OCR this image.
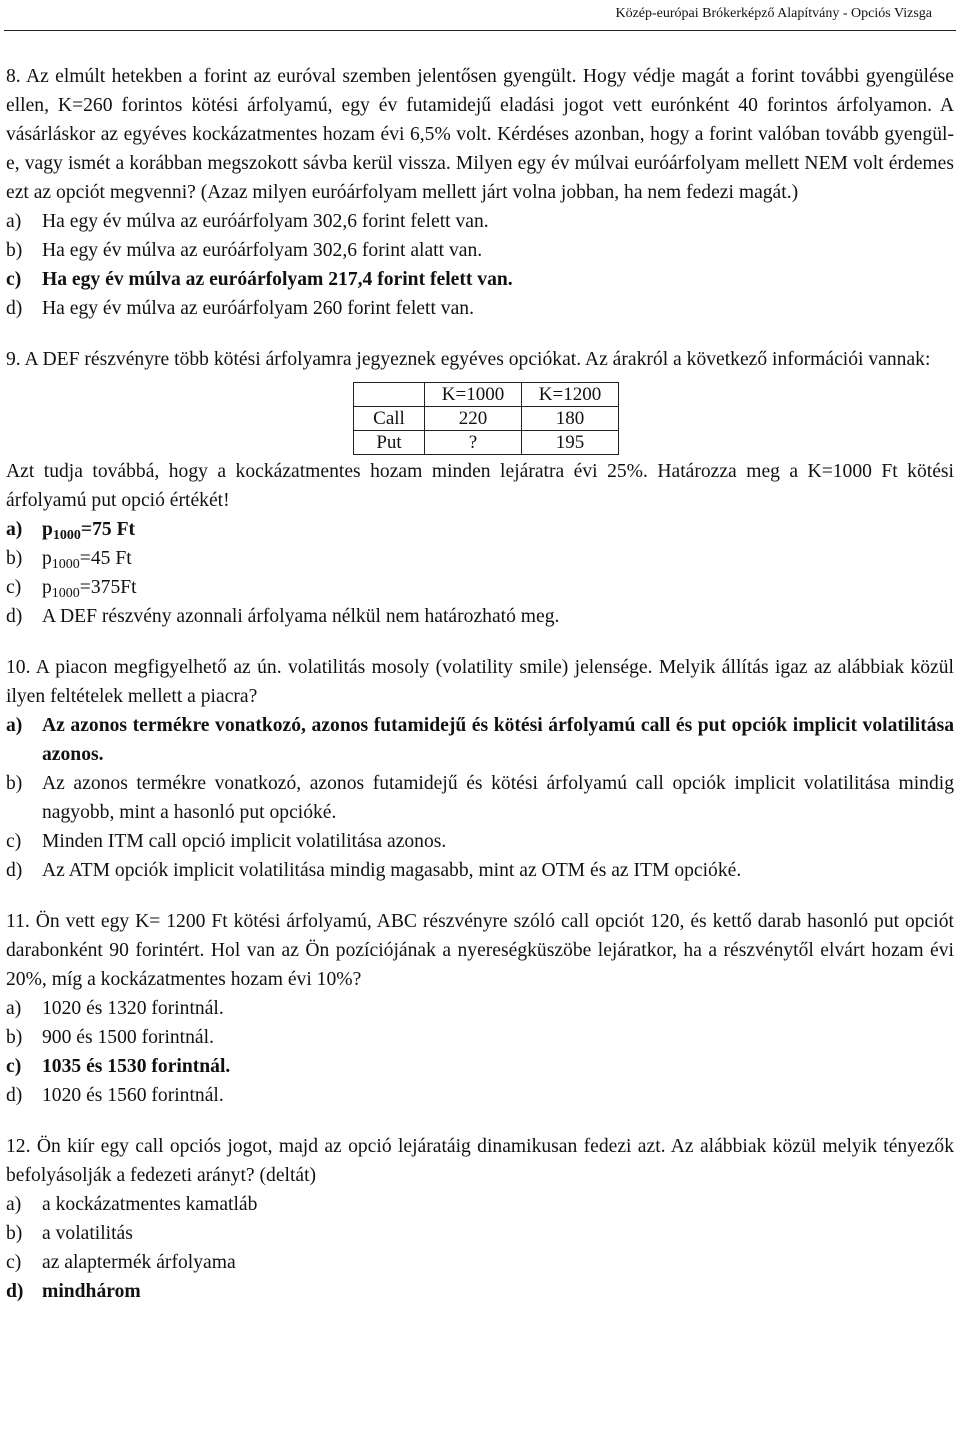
Közép-európai Brókerképző Alapítvány - Opciós Vizsga

8. Az elmúlt hetekben a forint az euróval szemben jelentősen gyengült. Hogy védje magát a forint további gyengülése ellen, K=260 forintos kötési árfolyamú, egy év futamidejű eladási jogot vett eurónként 40 forintos árfolyamon. A vásárláskor az egyéves kockázatmentes hozam évi 6,5% volt. Kérdéses azonban, hogy a forint valóban tovább gyengül-e, vagy ismét a korábban megszokott sávba kerül vissza. Milyen egy év múlvai euróárfolyam mellett NEM volt érdemes ezt az opciót megvenni? (Azaz milyen euróárfolyam mellett járt volna jobban, ha nem fedezi magát.)

a)	Ha egy év múlva az euróárfolyam 302,6 forint felett van.
b)	Ha egy év múlva az euróárfolyam 302,6 forint alatt van.
c)	Ha egy év múlva az euróárfolyam 217,4 forint felett van.
d)	Ha egy év múlva az euróárfolyam 260 forint felett van.

9. A DEF részvényre több kötési árfolyamra jegyeznek egyéves opciókat. Az árakról a következő információi vannak:

	K=1000	K=1200
Call	220	180
Put	?	195

Azt tudja továbbá, hogy a kockázatmentes hozam minden lejáratra évi 25%. Határozza meg a K=1000 Ft kötési árfolyamú put opció értékét!

a)	$p_{1000}=75$ Ft
b)	$p_{1000}=45$ Ft
c)	$p_{1000}=375Ft$
d)	A DEF részvény azonnali árfolyama nélkül nem határozható meg.

10. A piacon megfigyelhető az ún. volatilitás mosoly (volatility smile) jelensége. Melyik állítás igaz az alábbiak közül ilyen feltételek mellett a piacra?

a)	Az azonos termékre vonatkozó, azonos futamidejű és kötési árfolyamú call és put opciók implicit volatilitása azonos.
b)	Az azonos termékre vonatkozó, azonos futamidejű és kötési árfolyamú call opciók implicit volatilitása mindig nagyobb, mint a hasonló put opcióké.
c)	Minden ITM call opció implicit volatilitása azonos.
d)	Az ATM opciók implicit volatilitása mindig magasabb, mint az OTM és az ITM opcióké.

11. Ön vett egy K= 1200 Ft kötési árfolyamú, ABC részvényre szóló call opciót 120, és kettő darab hasonló put opciót darabonként 90 forintért. Hol van az Ön pozíciójának a nyereségküszöbe lejáratkor, ha a részvénytől elvárt hozam évi 20%, míg a kockázatmentes hozam évi 10%?

a)	1020 és 1320 forintnál.
b)	900 és 1500 forintnál.
c)	1035 és 1530 forintnál.
d)	1020 és 1560 forintnál.

12. Ön kiír egy call opciós jogot, majd az opció lejáratáig dinamikusan fedezi azt. Az alábbiak közül melyik tényezők befolyásolják a fedezeti arányt? (deltát)

a)	a kockázatmentes kamatláb
b)	a volatilitás
c)	az alaptermék árfolyama
d) mindhárom
